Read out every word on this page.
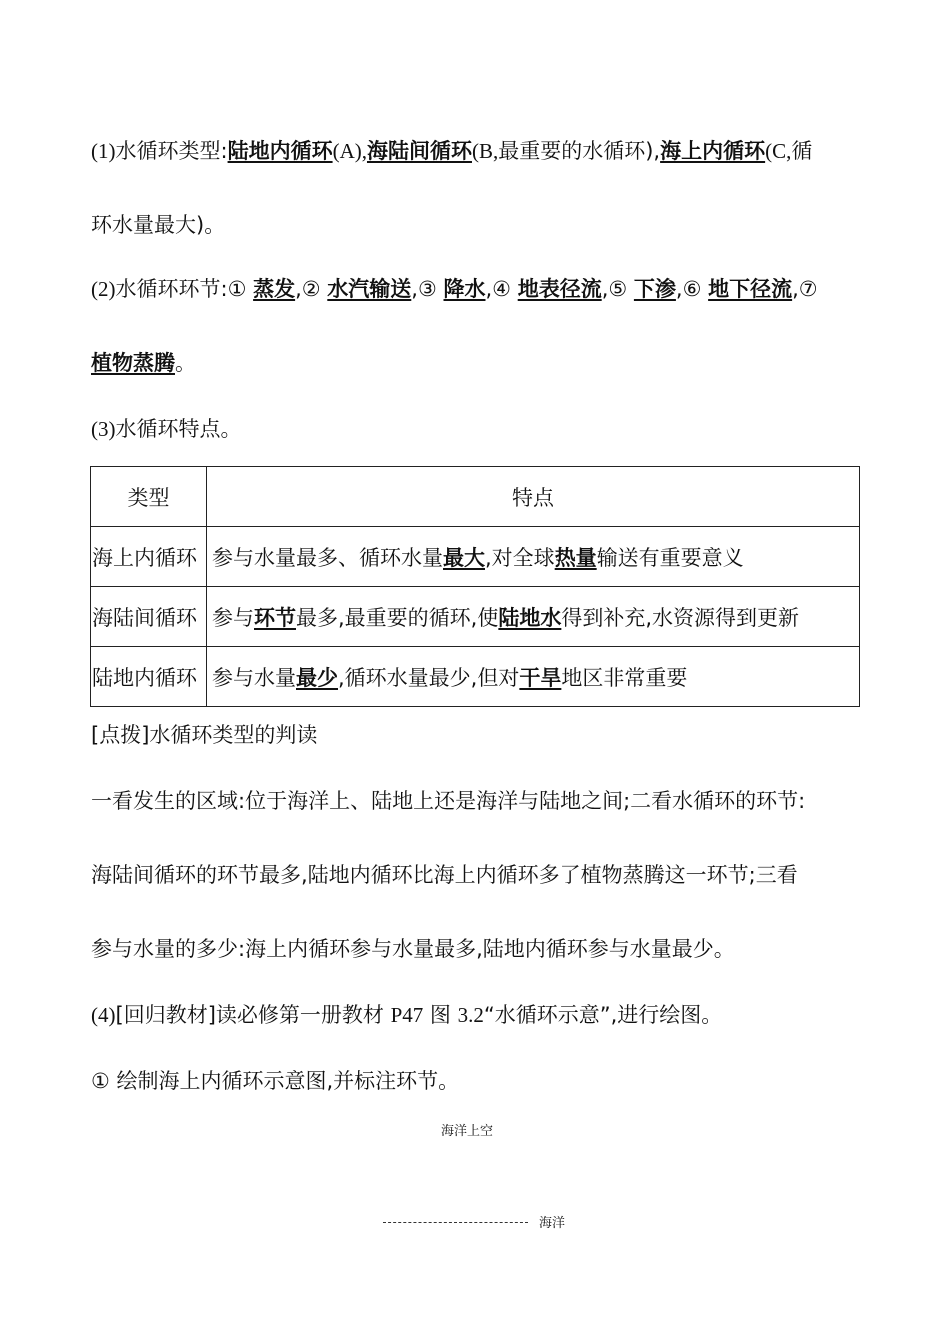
(1)水循环类型:陆地内循环(A),海陆间循环(B,最重要的水循环),海上内循环(C,循
环水量最大)。
(2)水循环环节:① 蒸发,② 水汽输送,③ 降水,④ 地表径流,⑤ 下渗,⑥ 地下径流,⑦
植物蒸腾。
(3)水循环特点。
类型	特点
海上内循环	参与水量最多、循环水量最大,对全球热量输送有重要意义
海陆间循环	参与环节最多,最重要的循环,使陆地水得到补充,水资源得到更新
陆地内循环	参与水量最少,循环水量最少,但对干旱地区非常重要
[点拨]水循环类型的判读
一看发生的区域:位于海洋上、陆地上还是海洋与陆地之间;二看水循环的环节:
海陆间循环的环节最多,陆地内循环比海上内循环多了植物蒸腾这一环节;三看
参与水量的多少:海上内循环参与水量最多,陆地内循环参与水量最少。
(4)[回归教材]读必修第一册教材 P47 图 3.2“水循环示意”,进行绘图。
① 绘制海上内循环示意图,并标注环节。
海洋上空
海洋
